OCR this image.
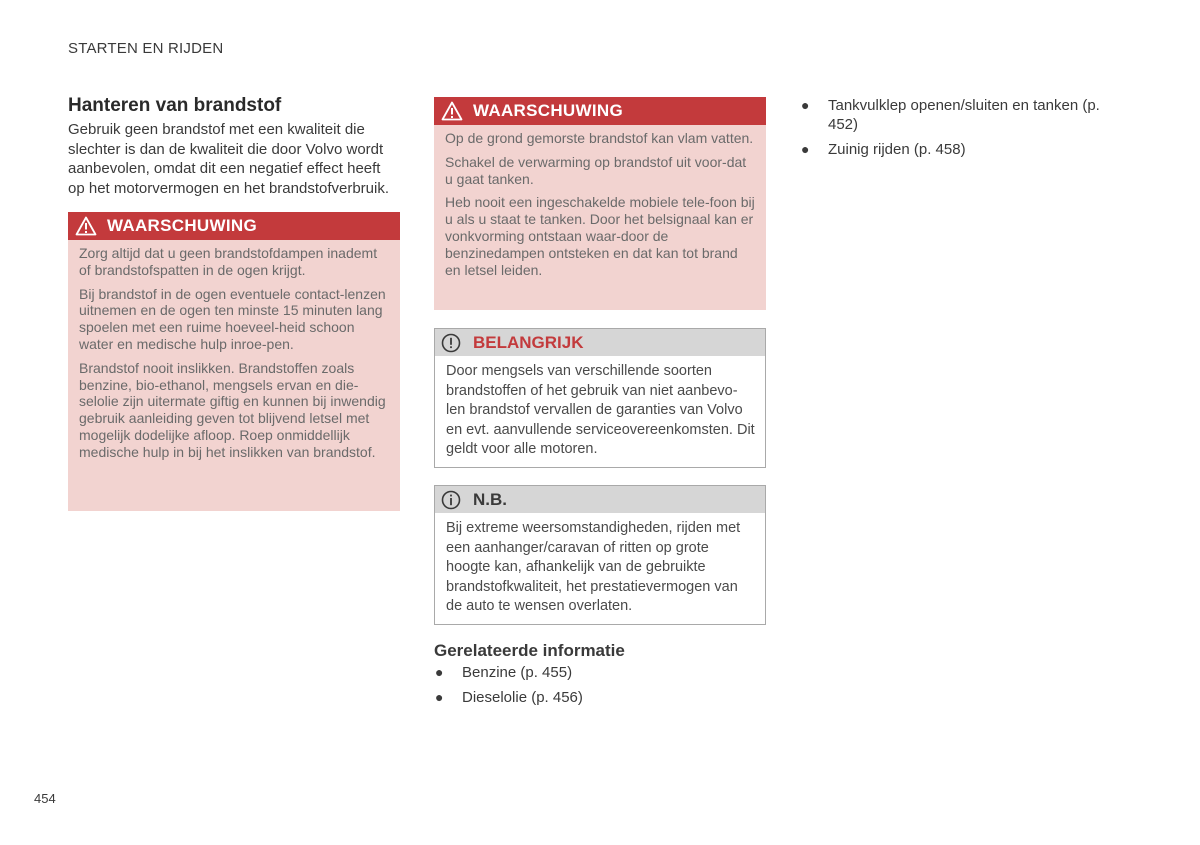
STARTEN EN RIJDEN
Hanteren van brandstof

Gebruik geen brandstof met een kwaliteit die slechter is dan de kwaliteit die door Volvo wordt aanbevolen, omdat dit een negatief effect heeft op het motorvermogen en het brandstofverbruik.

WAARSCHUWING

Zorg altijd dat u geen brandstofdampen inademt of brandstofspatten in de ogen krijgt.

Bij brandstof in de ogen eventuele contact-lenzen uitnemen en de ogen ten minste 15 minuten lang spoelen met een ruime hoeveel-heid schoon water en medische hulp inroe-pen.

Brandstof nooit inslikken. Brandstoffen zoals benzine, bio-ethanol, mengsels ervan en die-selolie zijn uitermate giftig en kunnen bij inwendig gebruik aanleiding geven tot blijvend letsel met mogelijk dodelijke afloop. Roep onmiddellijk medische hulp in bij het inslikken van brandstof.

WAARSCHUWING

Op de grond gemorste brandstof kan vlam vatten.

Schakel de verwarming op brandstof uit voor-dat u gaat tanken.

Heb nooit een ingeschakelde mobiele tele-foon bij u als u staat te tanken. Door het belsignaal kan er vonkvorming ontstaan waar-door de benzinedampen ontsteken en dat kan tot brand en letsel leiden.

BELANGRIJK
Door mengsels van verschillende soorten brandstoffen of het gebruik van niet aanbevo-len brandstof vervallen de garanties van Volvo en evt. aanvullende serviceovereenkomsten. Dit geldt voor alle motoren.
N.B.
Bij extreme weersomstandigheden, rijden met een aanhanger/caravan of ritten op grote hoogte kan, afhankelijk van de gebruikte brandstofkwaliteit, het prestatievermogen van de auto te wensen overlaten.
Gerelateerde informatie
● Benzine (p. 455)
● Dieselolie (p. 456)
● Tankvulklep openen/sluiten en tanken (p. 452)
● Zuinig rijden (p. 458)
454
